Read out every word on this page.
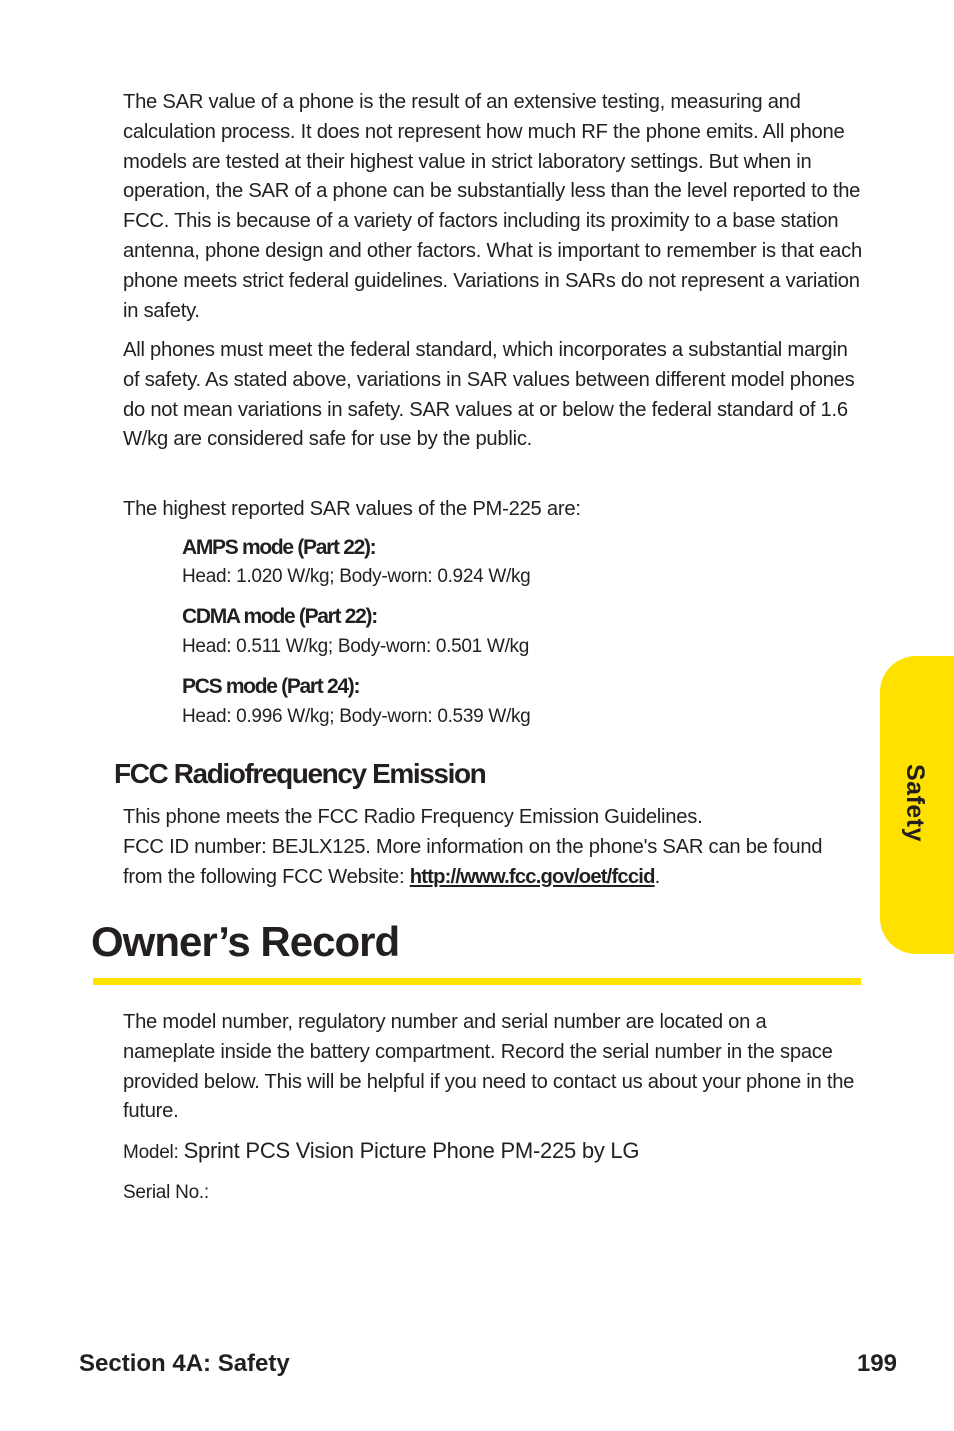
The SAR value of a phone is the result of an extensive testing, measuring and calculation process. It does not represent how much RF the phone emits. All phone models are tested at their highest value in strict laboratory settings. But when in operation, the SAR of a phone can be substantially less than the level reported to the FCC. This is because of a variety of factors including its proximity to a base station antenna, phone design and other factors. What is important to remember is that each phone meets strict federal guidelines. Variations in SARs do not represent a variation in safety.

All phones must meet the federal standard, which incorporates a substantial margin of safety. As stated above, variations in SAR values between different model phones do not mean variations in safety. SAR values at or below the federal standard of 1.6 W/kg are considered safe for use by the public.

The highest reported SAR values of the PM-225 are:

AMPS mode (Part 22):

Head: 1.020 W/kg; Body-worn: 0.924 W/kg

CDMA mode (Part 22):

Head: 0.511 W/kg; Body-worn: 0.501 W/kg

PCS mode (Part 24):

Head: 0.996 W/kg; Body-worn: 0.539 W/kg

FCC Radiofrequency Emission

This phone meets the FCC Radio Frequency Emission Guidelines.
FCC ID number: BEJLX125. More information on the phone's SAR can be found from the following FCC Website: http://www.fcc.gov/oet/fccid.

Owner’s Record

The model number, regulatory number and serial number are located on a nameplate inside the battery compartment. Record the serial number in the space provided below. This will be helpful if you need to contact us about your phone in the future.

Model: Sprint PCS Vision Picture Phone PM-225 by LG

Serial No.:

Safety
Section 4A: Safety	199
